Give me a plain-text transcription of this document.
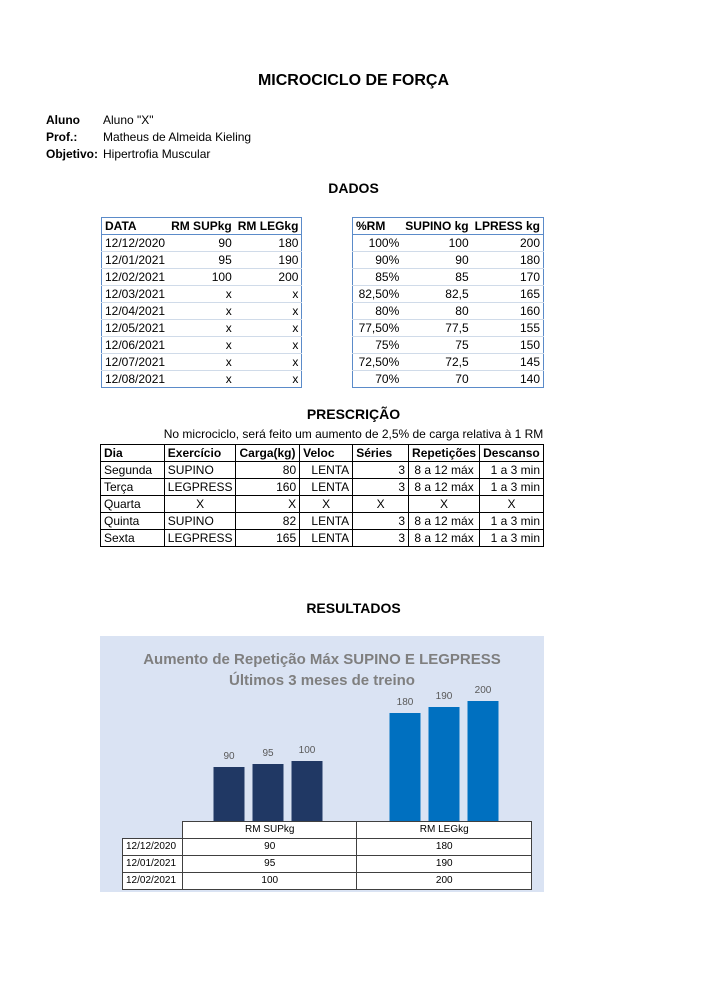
MICROCICLO DE FORÇA
Aluno	Aluno "X"
Prof.:	Matheus de Almeida Kieling
Objetivo: Hipertrofia Muscular
DADOS
DATA	RM SUPkg	RM LEGkg
12/12/2020	90	180
12/01/2021	95	190
12/02/2021	100	200
12/03/2021	x	x
12/04/2021	x	x
12/05/2021	x	x
12/06/2021	x	x
12/07/2021	x	x
12/08/2021	x	x
%RM	SUPINO kg	LPRESS kg
100%	100	200
90%	90	180
85%	85	170
82,50%	82,5	165
80%	80	160
77,50%	77,5	155
75%	75	150
72,50%	72,5	145
70%	70	140
PRESCRIÇÃO
No microciclo, será feito um aumento de 2,5% de carga relativa à 1 RM
Dia	Exercício	Carga(kg)	Veloc	Séries	Repetições	Descanso
Segunda	SUPINO	80	LENTA	3	8 a 12 máx	1 a 3 min
Terça	LEGPRESS	160	LENTA	3	8 a 12 máx	1 a 3 min
Quarta	X	X	X	X	X	X
Quinta	SUPINO	82	LENTA	3	8 a 12 máx	1 a 3 min
Sexta	LEGPRESS	165	LENTA	3	8 a 12 máx	1 a 3 min
RESULTADOS
Aumento de Repetição Máx SUPINO E LEGPRESS
Últimos 3 meses de treino
90	95	100
180
190
200
	RM SUPkg	RM LEGkg
12/12/2020	90	180
12/01/2021	95	190
12/02/2021	100	200
